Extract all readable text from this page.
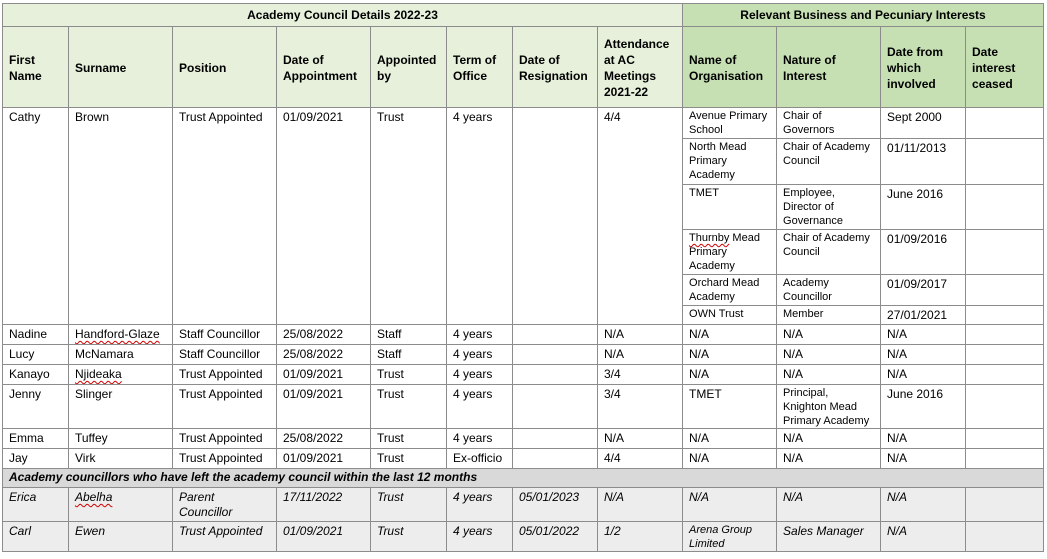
Academy Council Details 2022-23								Relevant Business and Pecuniary Interests			
First Name	Surname	Position	Date of Appointment	Appointed by	Term of Office	Date of Resignation	Attendance at AC Meetings 2021-22	Name of Organisation	Nature of Interest	Date from which involved	Date interest ceased
Cathy	Brown	Trust Appointed	01/09/2021	Trust	4 years		4/4	Avenue Primary School	Chair of Governors	Sept 2000	
								North Mead Primary Academy	Chair of Academy Council	01/11/2013	
								TMET	Employee, Director of Governance	June 2016	
								Thurnby Mead Primary Academy	Chair of Academy Council	01/09/2016	
								Orchard Mead Academy	Academy Councillor	01/09/2017	
								OWN Trust	Member	27/01/2021	
Nadine	Handford-Glaze	Staff Councillor	25/08/2022	Staff	4 years		N/A	N/A	N/A	N/A	
Lucy	McNamara	Staff Councillor	25/08/2022	Staff	4 years		N/A	N/A	N/A	N/A	
Kanayo	Njideaka	Trust Appointed	01/09/2021	Trust	4 years		3/4	N/A	N/A	N/A	
Jenny	Slinger	Trust Appointed	01/09/2021	Trust	4 years		3/4	TMET	Principal, Knighton Mead Primary Academy	June 2016	
Emma	Tuffey	Trust Appointed	25/08/2022	Trust	4 years		N/A	N/A	N/A	N/A	
Jay	Virk	Trust Appointed	01/09/2021	Trust	Ex-officio		4/4	N/A	N/A	N/A	
Academy councillors who have left the academy council within the last 12 months											
Erica	Abelha	Parent Councillor	17/11/2022	Trust	4 years	05/01/2023	N/A	N/A	N/A	N/A	
Carl	Ewen	Trust Appointed	01/09/2021	Trust	4 years	05/01/2022	1/2	Arena Group Limited	Sales Manager	N/A	
